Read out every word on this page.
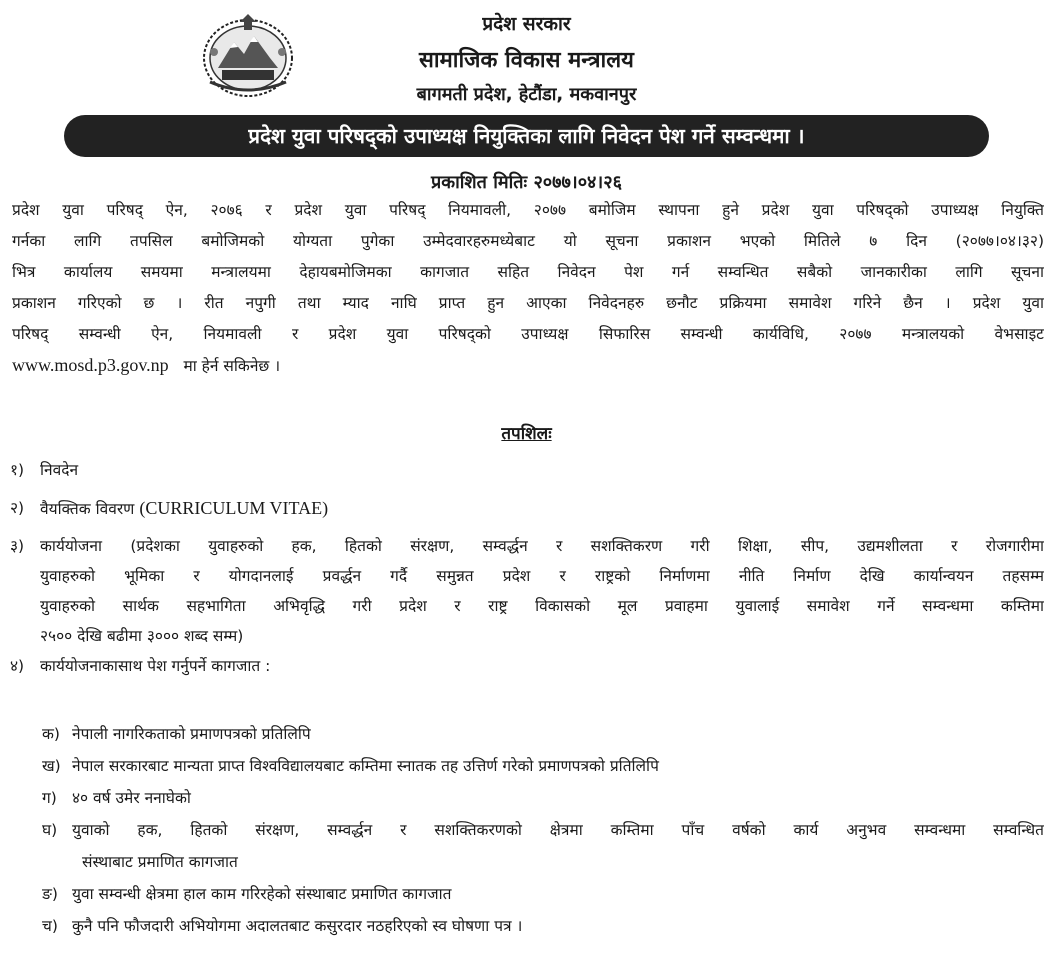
प्रदेश सरकार
सामाजिक विकास मन्त्रालय
बागमती प्रदेश, हेटौंडा, मकवानपुर
प्रदेश युवा परिषद्को उपाध्यक्ष नियुक्तिका लागि निवेदन पेश गर्ने सम्वन्धमा ।
प्रकाशित मितिः २०७७।०४।२६
प्रदेश युवा परिषद् ऐन, २०७६ र प्रदेश युवा परिषद् नियमावली, २०७७ बमोजिम स्थापना हुने प्रदेश युवा परिषद्को उपाध्यक्ष नियुक्ति
गर्नका लागि तपसिल बमोजिमको योग्यता पुगेका उम्मेदवारहरुमध्येबाट यो सूचना प्रकाशन भएको मितिले ७ दिन (२०७७।०४।३२)
भित्र कार्यालय समयमा मन्त्रालयमा देहायबमोजिमका कागजात सहित निवेदन पेश गर्न सम्वन्धित सबैको जानकारीका लागि सूचना
प्रकाशन गरिएको छ । रीत नपुगी तथा म्याद नाघि प्राप्त हुन आएका निवेदनहरु छनौट प्रक्रियमा समावेश गरिने छैन । प्रदेश युवा
परिषद् सम्वन्धी ऐन, नियमावली र प्रदेश युवा परिषद्को उपाध्यक्ष सिफारिस सम्वन्धी कार्यविधि, २०७७ मन्त्रालयको वेभसाइट
www.mosd.p3.gov.np मा हेर्न सकिनेछ ।
तपशिलः
१)	निवदेन
२)	वैयक्तिक विवरण (CURRICULUM VITAE)
३)	कार्ययोजना (प्रदेशका युवाहरुको हक, हितको संरक्षण, सम्वर्द्धन र सशक्तिकरण गरी शिक्षा, सीप, उद्यमशीलता र रोजगारीमा
युवाहरुको भूमिका र योगदानलाई प्रवर्द्धन गर्दै समुन्नत प्रदेश र राष्ट्रको निर्माणमा नीति निर्माण देखि कार्यान्वयन तहसम्म
युवाहरुको सार्थक सहभागिता अभिवृद्धि गरी प्रदेश र राष्ट्र विकासको मूल प्रवाहमा युवालाई समावेश गर्ने सम्वन्धमा कम्तिमा
२५०० देखि बढीमा ३००० शब्द सम्म)
४)	कार्ययोजनाकासाथ पेश गर्नुपर्ने कागजात :
क) नेपाली नागरिकताको प्रमाणपत्रको प्रतिलिपि
ख) नेपाल सरकारबाट मान्यता प्राप्त विश्वविद्यालयबाट कम्तिमा स्नातक तह उत्तिर्ण गरेको प्रमाणपत्रको प्रतिलिपि
ग) ४० वर्ष उमेर ननाघेको
घ) युवाको हक, हितको संरक्षण, सम्वर्द्धन र सशक्तिकरणको क्षेत्रमा कम्तिमा पाँच वर्षको कार्य अनुभव सम्वन्धमा सम्वन्धित
संस्थाबाट प्रमाणित कागजात
ङ) युवा सम्वन्धी क्षेत्रमा हाल काम गरिरहेको संस्थाबाट प्रमाणित कागजात
च) कुनै पनि फौजदारी अभियोगमा अदालतबाट कसुरदार नठहरिएको स्व घोषणा पत्र ।
